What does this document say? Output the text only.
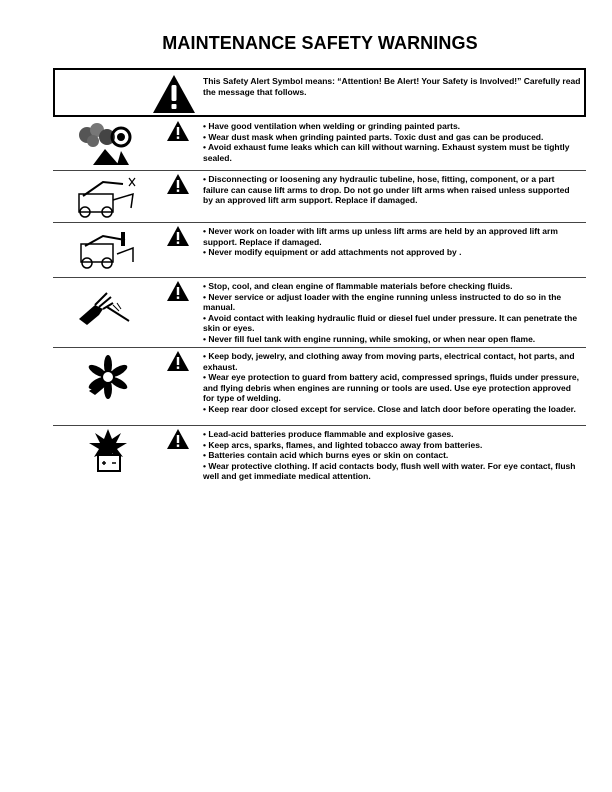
MAINTENANCE SAFETY WARNINGS
This Safety Alert Symbol means: “Attention! Be Alert! Your Safety is Involved!” Carefully read the message that follows.
• Have good ventilation when welding or grinding painted parts.
• Wear dust mask when grinding painted parts. Toxic dust and gas can be produced.
• Avoid exhaust fume leaks which can kill without warning. Exhaust system must be tightly sealed.
• Disconnecting or loosening any hydraulic tubeline, hose, fitting, component, or a part failure can cause lift arms to drop. Do not go under lift arms when raised unless supported by an approved lift arm support. Replace if damaged.
• Never work on loader with lift arms up unless lift arms are held by an approved lift arm support. Replace if damaged.
• Never modify equipment or add attachments not approved by .
• Stop, cool, and clean engine of flammable materials before checking fluids.
• Never service or adjust loader with the engine running unless instructed to do so in the manual.
• Avoid contact with leaking hydraulic fluid or diesel fuel under pressure. It can penetrate the skin or eyes.
• Never fill fuel tank with engine running, while smoking, or when near open flame.
• Keep body, jewelry, and clothing away from moving parts, electrical contact, hot parts, and exhaust.
• Wear eye protection to guard from battery acid, compressed springs, fluids under pressure, and flying debris when engines are running or tools are used. Use eye protection approved for type of welding.
• Keep rear door closed except for service. Close and latch door before operating the loader.
• Lead-acid batteries produce flammable and explosive gases.
• Keep arcs, sparks, flames, and lighted tobacco away from batteries.
• Batteries contain acid which burns eyes or skin on contact.
• Wear protective clothing. If acid contacts body, flush well with water. For eye contact, flush well and get immediate medical attention.
